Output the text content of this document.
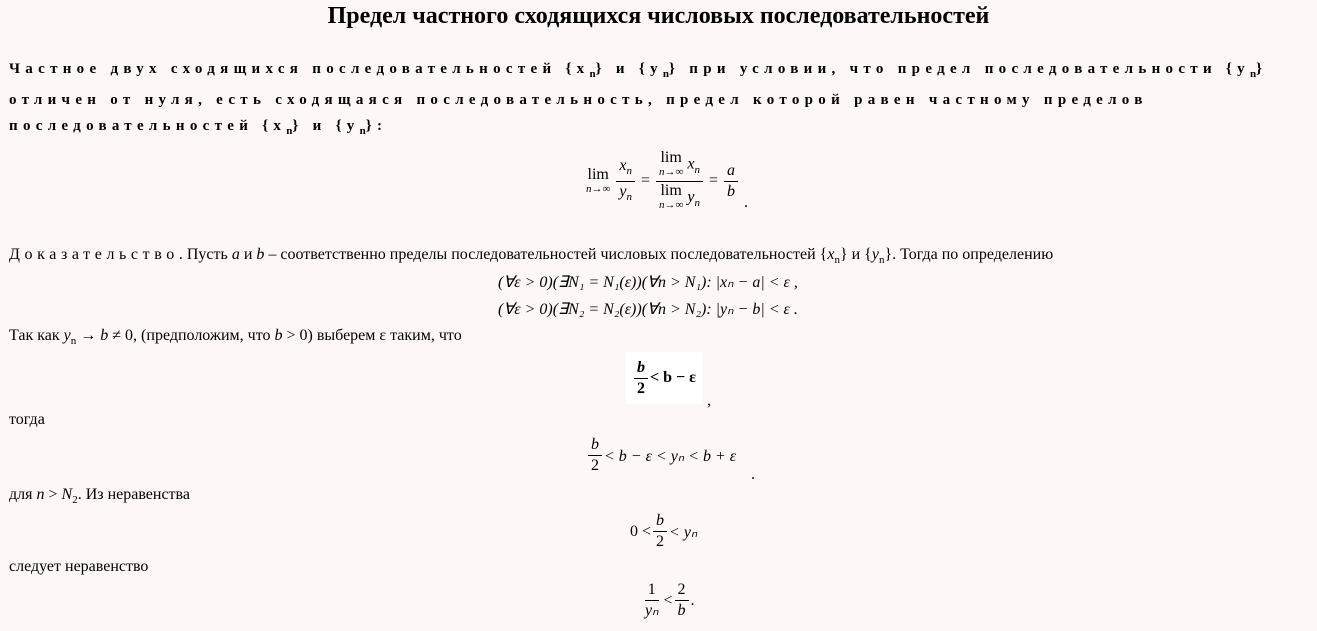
Предел частного сходящихся числовых последовательностей
Частное двух сходящихся последовательностей $\{x_n\}$ и $\{y_n\}$ при условии, что предел последовательности $\{y_n\}$ отличен от нуля, есть сходящаяся последовательность, предел которой равен частному пределов последовательностей $\{x_n\}$ и $\{y_n\}$:
lim
n→∞
$\frac{x_n}{y_n} = \lim$
n→∞ $x_n$
lim
n→∞ $y_n = \frac{a}{b}$
.
Доказательство. Пусть a и b – соответственно пределы последовательностей числовых последовательностей $\{x_n\}$ и $\{y_n\}$. Тогда по определению
(∀ε > 0)(∃N₁ = N₁(ε))(∀n > N₁): |xₙ − a| < ε ,
(∀ε > 0)(∃N₂ = N₂(ε))(∀n > N₂): |yₙ − b| < ε .
Так как $y_n \to b \ne 0$, (предположим, что b > 0) выберем ε таким, что
$\frac{b}{2} < b - \varepsilon$
,
тогда
$\frac{b}{2} < b - \varepsilon < y_n < b + \varepsilon$
.
для $n > N_2$. Из неравенства
$0 < \frac{b}{2} < y_n$
следует неравенство
$\frac{1}{\text{yₙ}} < \frac{2}{b}$ .
